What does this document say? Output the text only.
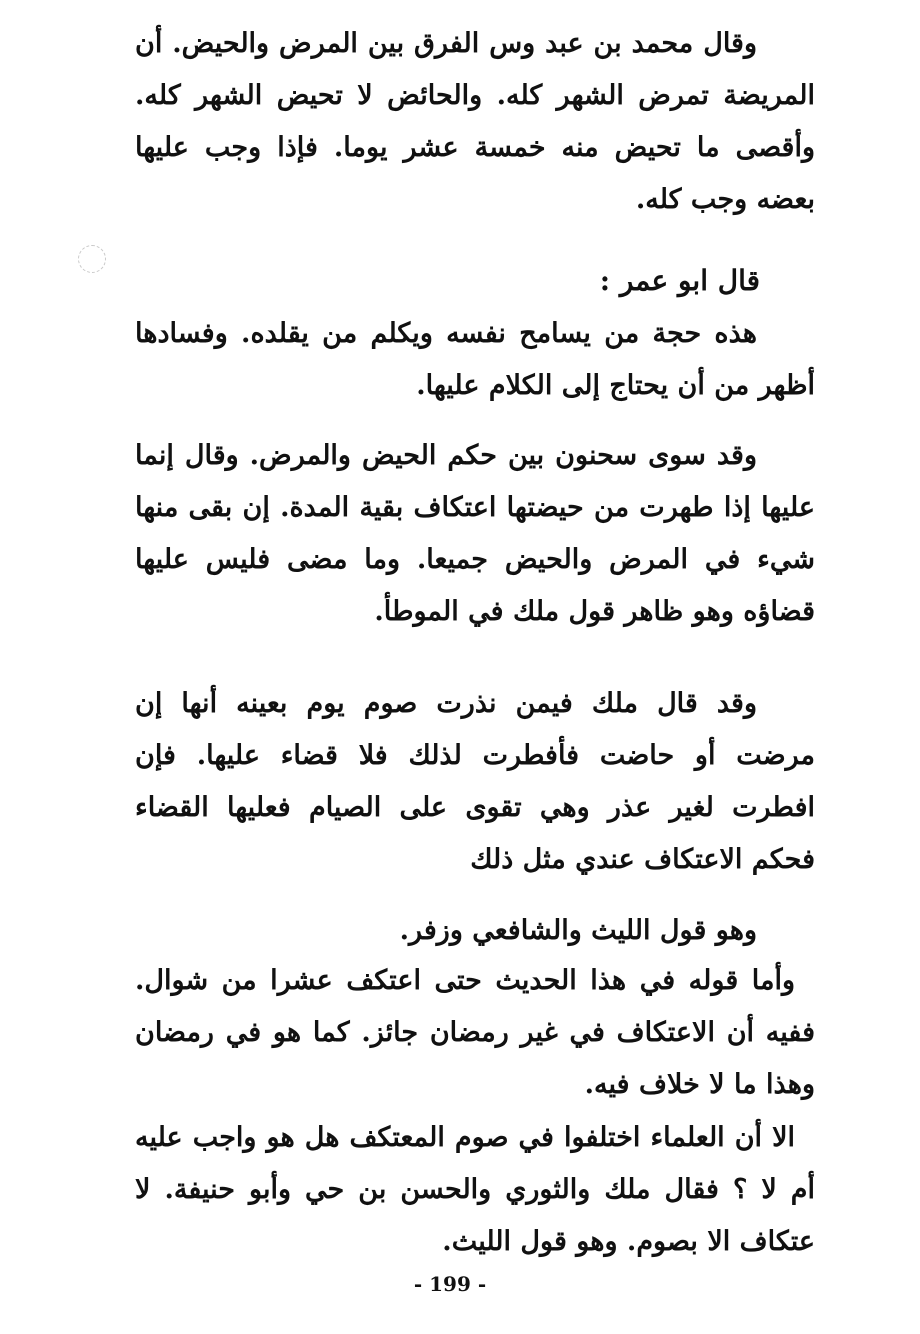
وقال محمد بن عبد وس الفرق بين المرض والحيض. أن المريضة تمرض الشهر كله. والحائض لا تحيض الشهر كله. وأقصى ما تحيض منه خمسة عشر يوما. فإذا وجب عليها بعضه وجب كله.

قال ابو عمر :

هذه حجة من يسامح نفسه ويكلم من يقلده. وفسادها أظهر من أن يحتاج إلى الكلام عليها.

وقد سوى سحنون بين حكم الحيض والمرض. وقال إنما عليها إذا طهرت من حيضتها اعتكاف بقية المدة. إن بقى منها شيء في المرض والحيض جميعا. وما مضى فليس عليها قضاؤه وهو ظاهر قول ملك في الموطأ.

وقد قال ملك فيمن نذرت صوم يوم بعينه أنها إن مرضت أو حاضت فأفطرت لذلك فلا قضاء عليها. فإن افطرت لغير عذر وهي تقوى على الصيام فعليها القضاء فحكم الاعتكاف عندي مثل ذلك

وهو قول الليث والشافعي وزفر.

وأما قوله في هذا الحديث حتى اعتكف عشرا من شوال. ففيه أن الاعتكاف في غير رمضان جائز. كما هو في رمضان وهذا ما لا خلاف فيه.

الا أن العلماء اختلفوا في صوم المعتكف هل هو واجب عليه أم لا ؟ فقال ملك والثوري والحسن بن حي وأبو حنيفة. لا عتكاف الا بصوم. وهو قول الليث.

- 199 -
